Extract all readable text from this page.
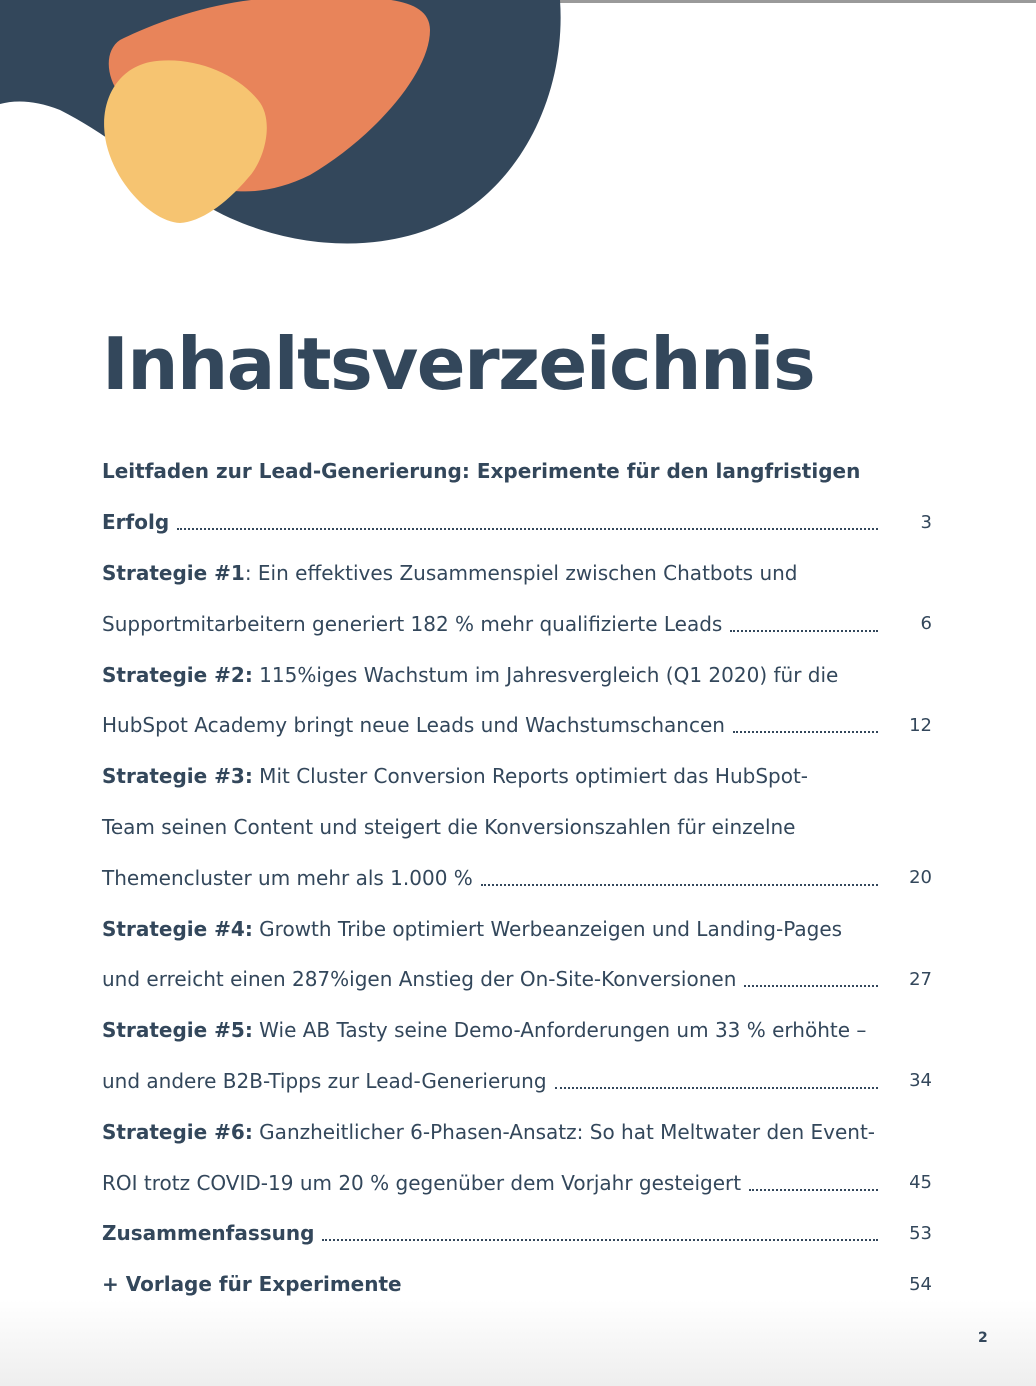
Inhaltsverzeichnis
Leitfaden zur Lead-Generierung: Experimente für den langfristigen
Erfolg	3
Strategie #1: Ein effektives Zusammenspiel zwischen Chatbots und
Supportmitarbeitern generiert 182 % mehr qualifizierte Leads	6
Strategie #2: 115%iges Wachstum im Jahresvergleich (Q1 2020) für die
HubSpot Academy bringt neue Leads und Wachstumschancen	12
Strategie #3: Mit Cluster Conversion Reports optimiert das HubSpot-
Team seinen Content und steigert die Konversionszahlen für einzelne
Themencluster um mehr als 1.000 %	20
Strategie #4: Growth Tribe optimiert Werbeanzeigen und Landing-Pages
und erreicht einen 287%igen Anstieg der On-Site-Konversionen	27
Strategie #5: Wie AB Tasty seine Demo-Anforderungen um 33 % erhöhte –
und andere B2B-Tipps zur Lead-Generierung	34
Strategie #6: Ganzheitlicher 6-Phasen-Ansatz: So hat Meltwater den Event-
ROI trotz COVID-19 um 20 % gegenüber dem Vorjahr gesteigert	45
Zusammenfassung	53
+ Vorlage für Experimente	54
2
